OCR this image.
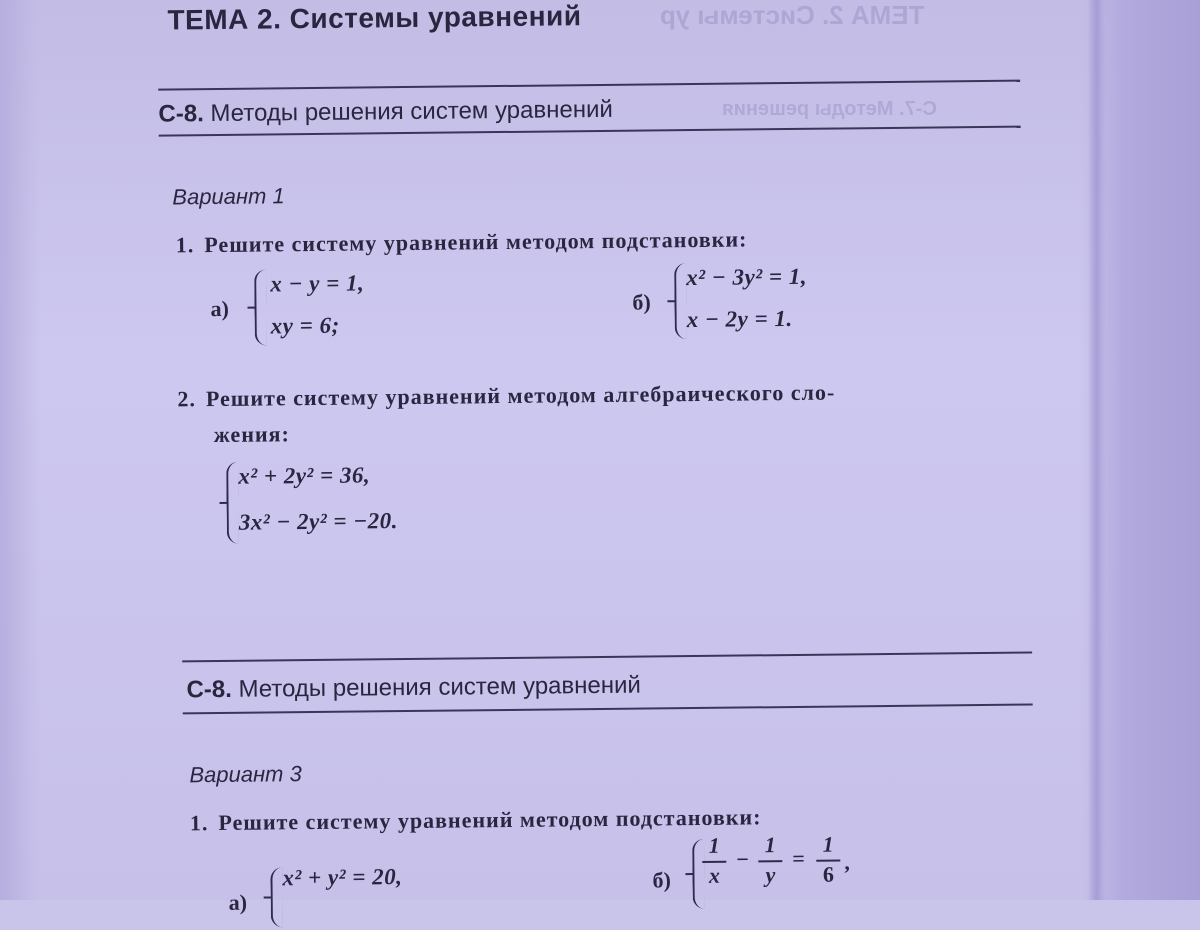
ТЕМА 2. Системы ур
С-7. Методы решения
ТЕМА 2. Системы уравнений
С-8. Методы решения систем уравнений
Вариант 1
1. Решите систему уравнений методом подстановки:
а)
x − y = 1,
xy = 6;
б)
x² − 3y² = 1,
x − 2y = 1.
2. Решите систему уравнений методом алгебраического сло-
жения:
x² + 2y² = 36,
3x² − 2y² = −20.
С-8. Методы решения систем уравнений
Вариант 3
1. Решите систему уравнений методом подстановки:
а)
x² + y² = 20,	б)
1
x
−
1
y
=
1
6 ,
